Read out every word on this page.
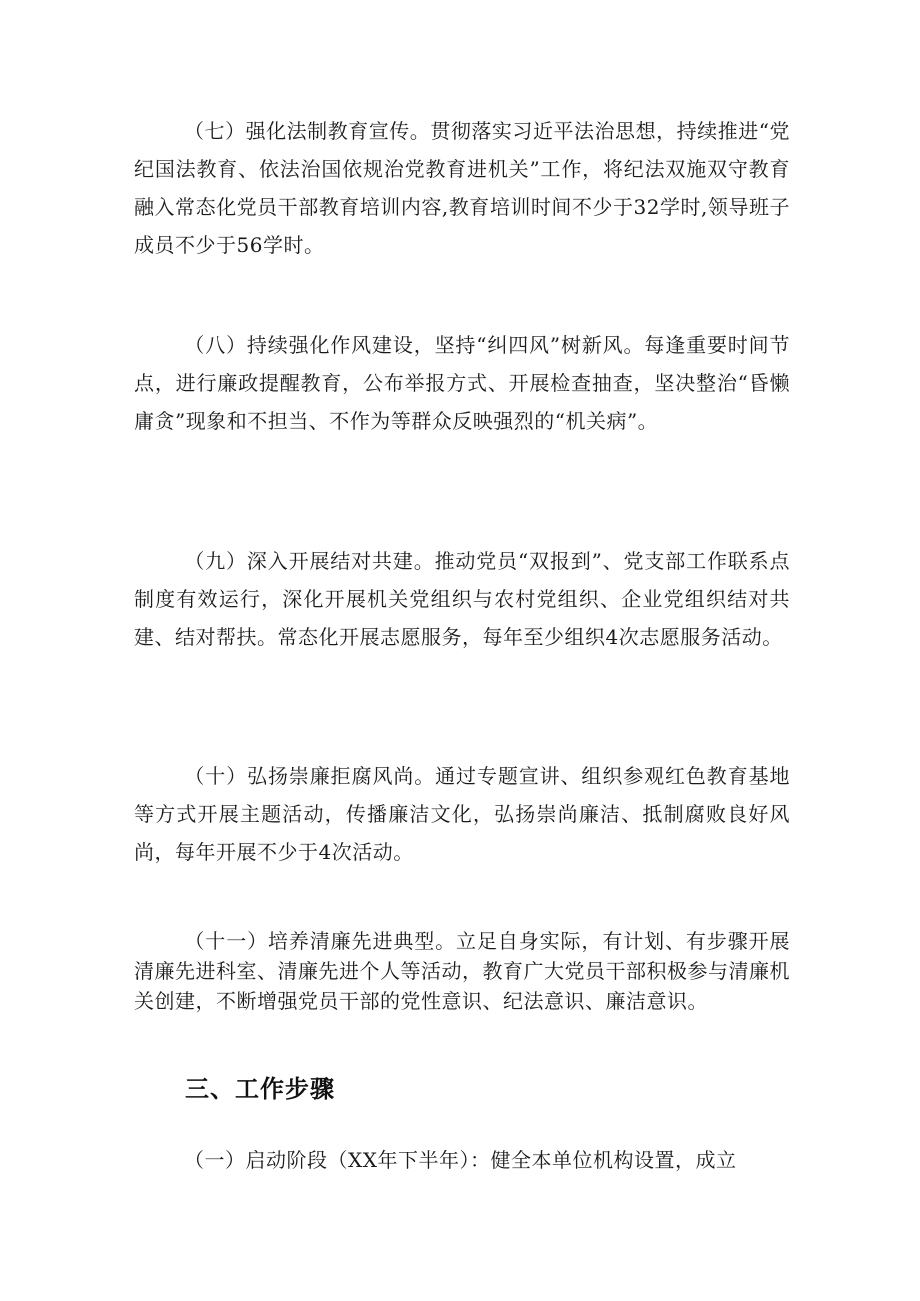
（七）强化法制教育宣传。贯彻落实习近平法治思想，持续推进“党纪国法教育、依法治国依规治党教育进机关”工作，将纪法双施双守教育融入常态化党员干部教育培训内容,教育培训时间不少于32学时,领导班子成员不少于56学时。

（八）持续强化作风建设，坚持“纠四风”树新风。每逢重要时间节点，进行廉政提醒教育，公布举报方式、开展检查抽查，坚决整治“昏懒庸贪”现象和不担当、不作为等群众反映强烈的“机关病”。

（九）深入开展结对共建。推动党员“双报到”、党支部工作联系点制度有效运行，深化开展机关党组织与农村党组织、企业党组织结对共建、结对帮扶。常态化开展志愿服务，每年至少组织4次志愿服务活动。

（十）弘扬崇廉拒腐风尚。通过专题宣讲、组织参观红色教育基地等方式开展主题活动，传播廉洁文化，弘扬崇尚廉洁、抵制腐败良好风尚，每年开展不少于4次活动。

（十一）培养清廉先进典型。立足自身实际，有计划、有步骤开展清廉先进科室、清廉先进个人等活动，教育广大党员干部积极参与清廉机关创建，不断增强党员干部的党性意识、纪法意识、廉洁意识。

三、工作步骤

（一）启动阶段（XX年下半年）：健全本单位机构设置，成立
